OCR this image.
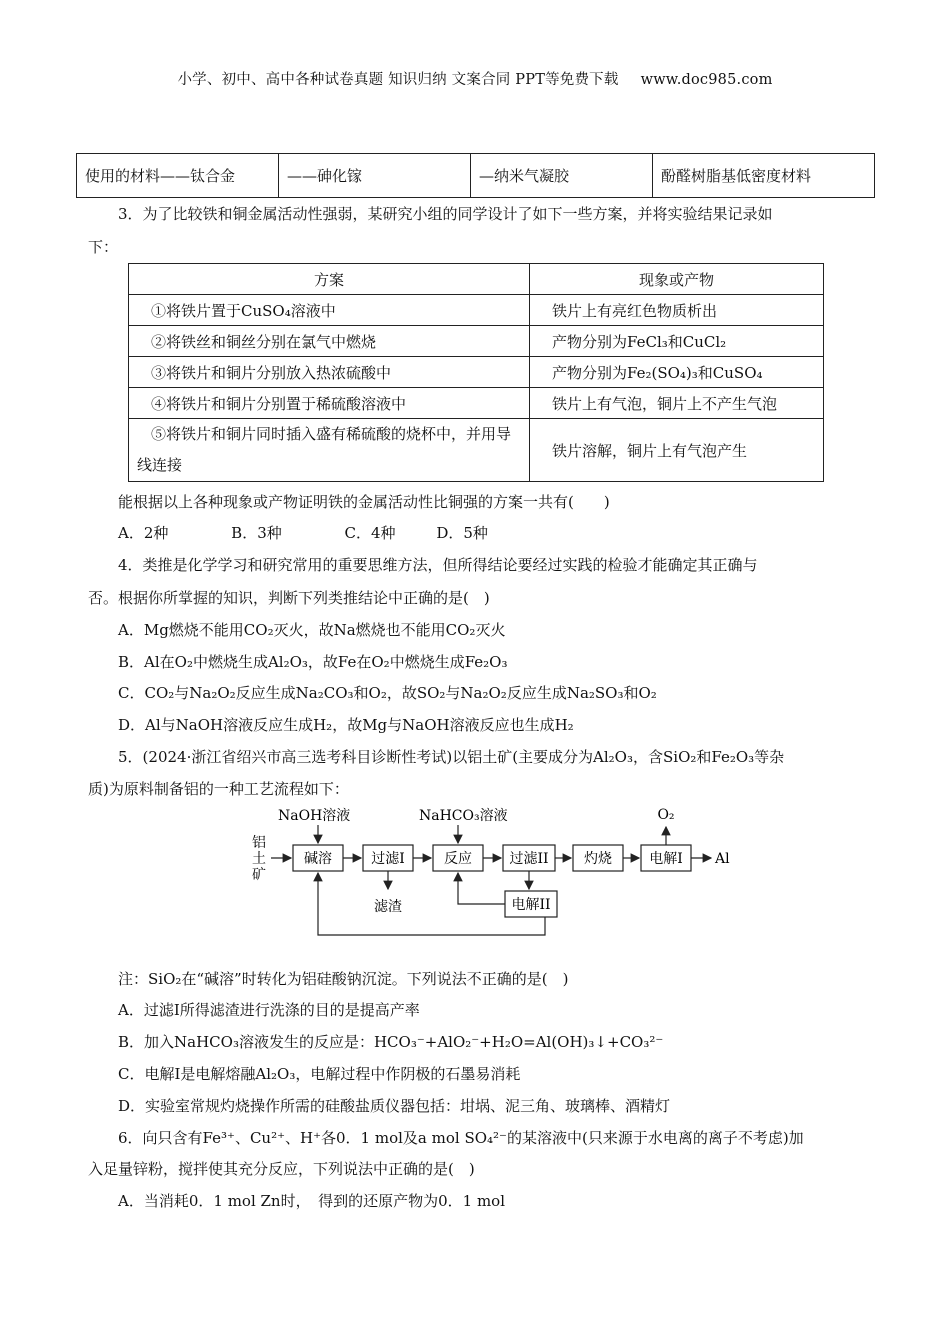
小学、初中、高中各种试卷真题 知识归纳 文案合同 PPT等免费下载 www.doc985.com
使用的材料——钛合金	——砷化镓	—纳米气凝胶	酚醛树脂基低密度材料
3．为了比较铁和铜金属活动性强弱，某研究小组的同学设计了如下一些方案，并将实验结果记录如
下：
方案	现象或产物
①将铁片置于CuSO₄溶液中	铁片上有亮红色物质析出
②将铁丝和铜丝分别在氯气中燃烧	产物分别为FeCl₃和CuCl₂
③将铁片和铜片分别放入热浓硫酸中	产物分别为Fe₂(SO₄)₃和CuSO₄
④将铁片和铜片分别置于稀硫酸溶液中	铁片上有气泡，铜片上不产生气泡
⑤将铁片和铜片同时插入盛有稀硫酸的烧杯中，并用导线连接	铁片溶解，铜片上有气泡产生
能根据以上各种现象或产物证明铁的金属活动性比铜强的方案一共有(　　)
A．2种	B．3种	C．4种	D．5种
4．类推是化学学习和研究常用的重要思维方法，但所得结论要经过实践的检验才能确定其正确与
否。根据你所掌握的知识，判断下列类推结论中正确的是(　)
A．Mg燃烧不能用CO₂灭火，故Na燃烧也不能用CO₂灭火
B．Al在O₂中燃烧生成Al₂O₃，故Fe在O₂中燃烧生成Fe₂O₃
C．CO₂与Na₂O₂反应生成Na₂CO₃和O₂，故SO₂与Na₂O₂反应生成Na₂SO₃和O₂
D．Al与NaOH溶液反应生成H₂，故Mg与NaOH溶液反应也生成H₂
5．(2024·浙江省绍兴市高三选考科目诊断性考试)以铝土矿(主要成分为Al₂O₃，含SiO₂和Fe₂O₃等杂
质)为原料制备铝的一种工艺流程如下：
铝
土
矿
碱溶
NaOH溶液
过滤I
滤渣
反应
NaHCO₃溶液
过滤II	灼烧	电解I
O₂
Al
电解II
注：SiO₂在“碱溶”时转化为铝硅酸钠沉淀。下列说法不正确的是(　)
A．过滤Ⅰ所得滤渣进行洗涤的目的是提高产率
B．加入NaHCO₃溶液发生的反应是：HCO₃⁻+AlO₂⁻+H₂O=Al(OH)₃↓+CO₃²⁻
C．电解Ⅰ是电解熔融Al₂O₃，电解过程中作阴极的石墨易消耗
D．实验室常规灼烧操作所需的硅酸盐质仪器包括：坩埚、泥三角、玻璃棒、酒精灯
6．向只含有Fe³⁺、Cu²⁺、H⁺各0．1 mol及a mol SO₄²⁻的某溶液中(只来源于水电离的离子不考虑)加
入足量锌粉，搅拌使其充分反应，下列说法中正确的是(　)
A．当消耗0．1 mol Zn时，　得到的还原产物为0．1 mol
